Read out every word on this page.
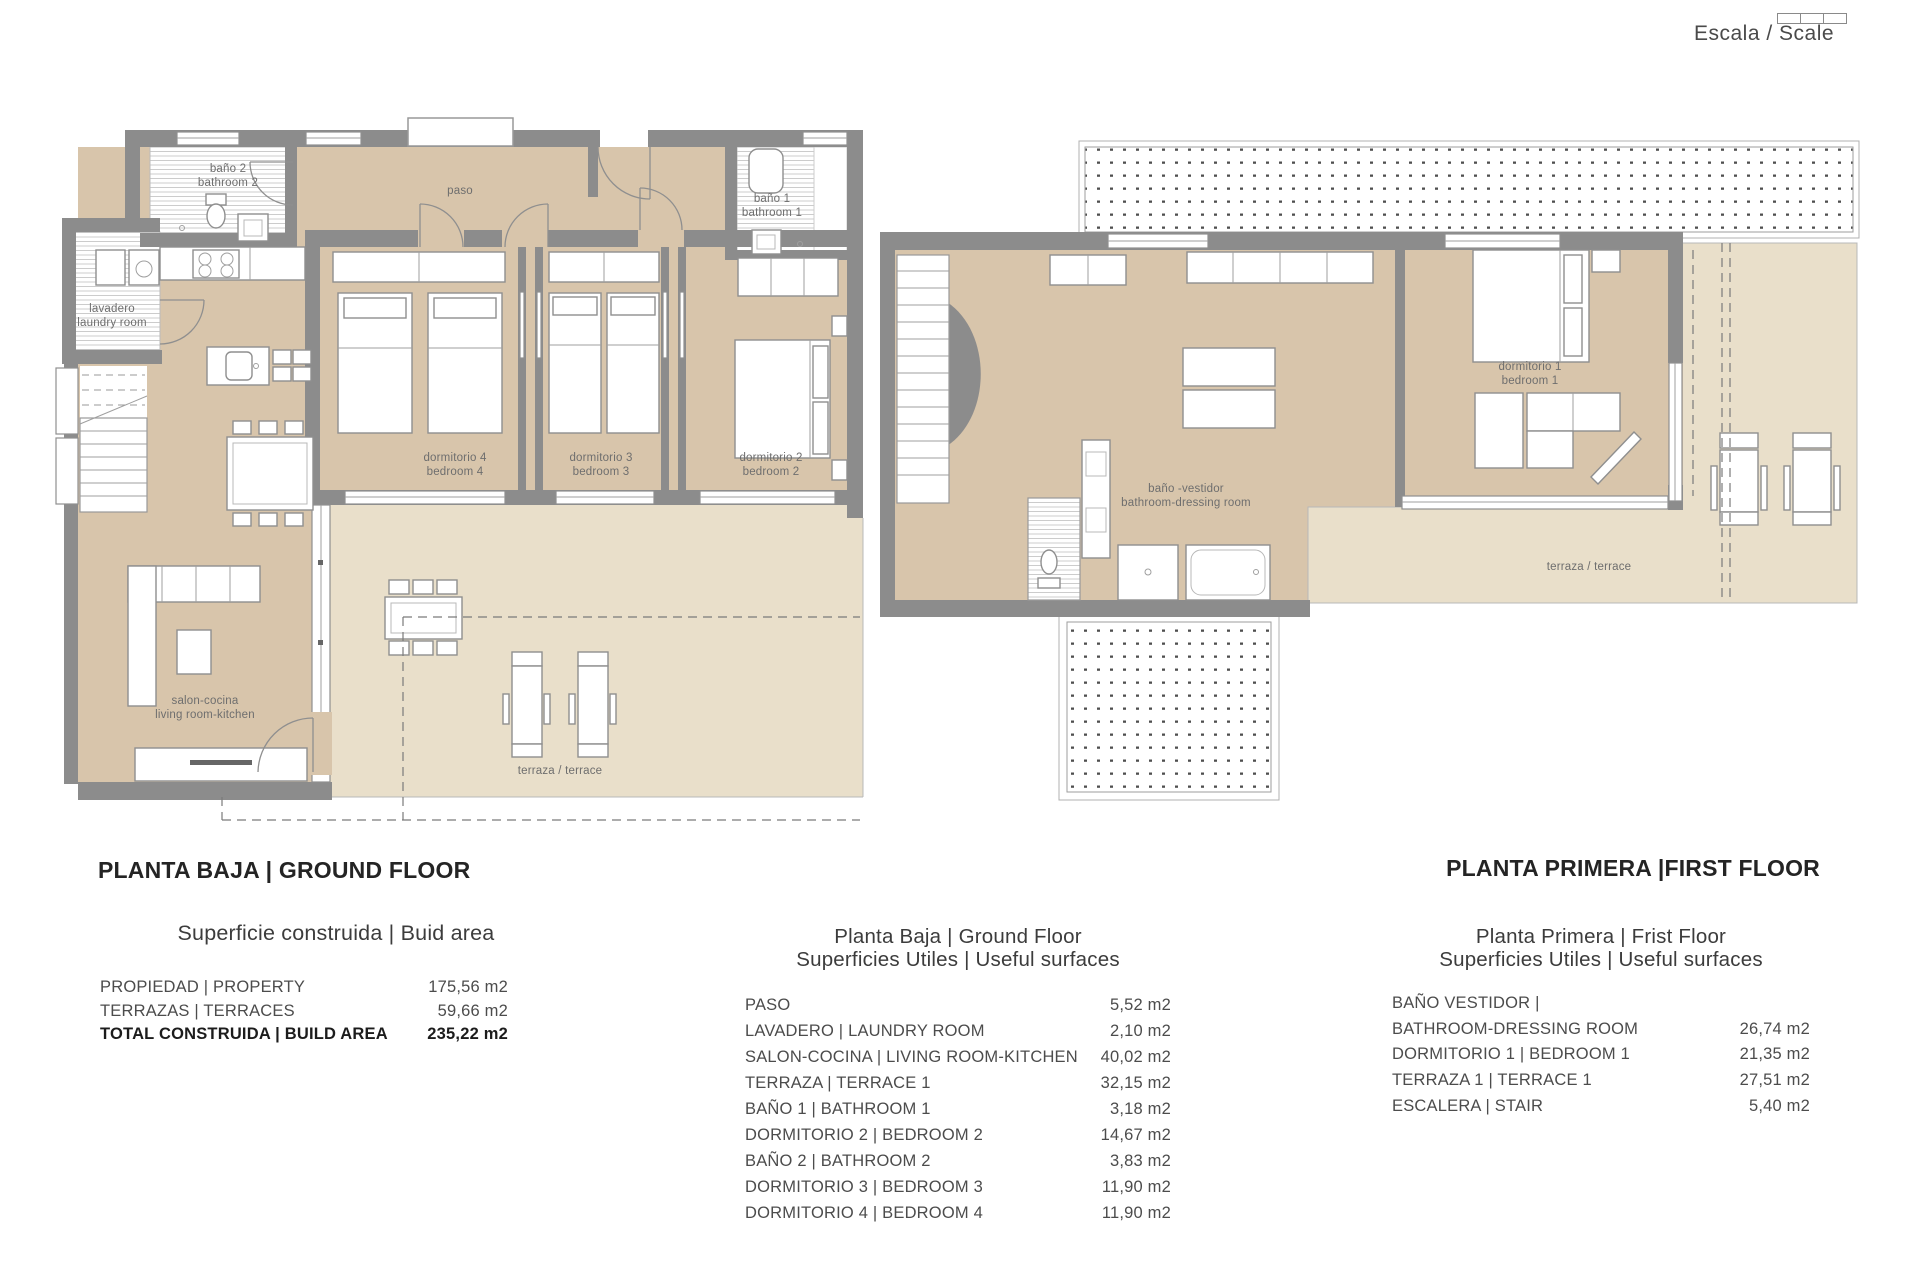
baño 2
bathroom 2
paso
baño 1
bathroom 1
lavadero
laundry room
dormitorio 4
bedroom 4
dormitorio 3
bedroom 3
dormitorio 2
bedroom 2
salon-cocina
living room-kitchen
terraza / terrace
baño -vestidor
bathroom-dressing room
dormitorio 1
bedroom 1
terraza / terrace
Escala / Scale
PLANTA BAJA | GROUND FLOOR	PLANTA PRIMERA |FIRST FLOOR
Superficie construida | Buid area
PROPIEDAD | PROPERTY	175,56 m2
TERRAZAS | TERRACES	59,66 m2
TOTAL CONSTRUIDA | BUILD AREA 235,22 m2
Planta Baja | Ground Floor
Superficies Utiles | Useful surfaces
PASO	5,52 m2
LAVADERO | LAUNDRY ROOM	2,10 m2
SALON-COCINA | LIVING ROOM-KITCHEN 40,02 m2
TERRAZA | TERRACE 1	32,15 m2
BAÑO 1 | BATHROOM 1	3,18 m2
DORMITORIO 2 | BEDROOM 2	14,67 m2
BAÑO 2 | BATHROOM 2	3,83 m2
DORMITORIO 3 | BEDROOM 3	11,90 m2
DORMITORIO 4 | BEDROOM 4	11,90 m2
Planta Primera | Frist Floor
Superficies Utiles | Useful surfaces
BAÑO VESTIDOR |
BATHROOM-DRESSING ROOM	26,74 m2
DORMITORIO 1 | BEDROOM 1	21,35 m2
TERRAZA 1 | TERRACE 1	27,51 m2
ESCALERA | STAIR	5,40 m2
